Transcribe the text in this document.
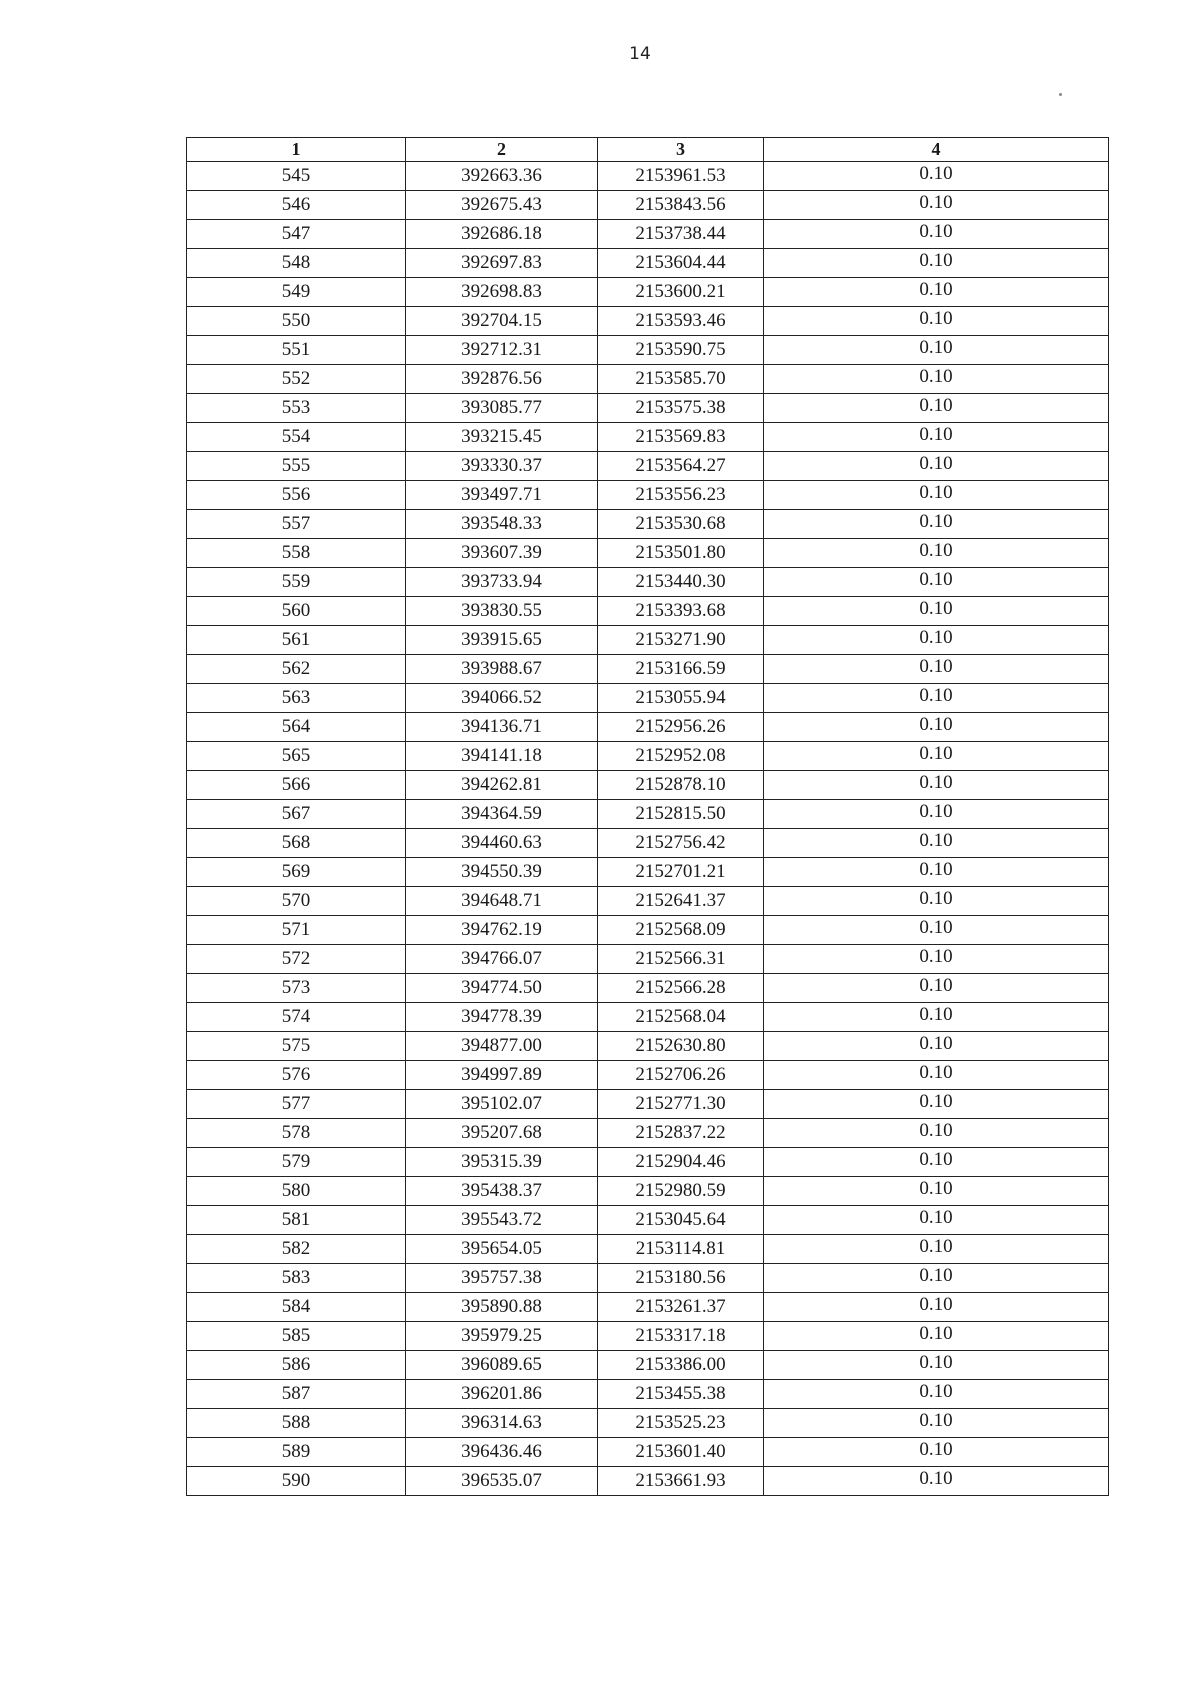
14
1	2	3	4
545	392663.36	2153961.53	0.10
546	392675.43	2153843.56	0.10
547	392686.18	2153738.44	0.10
548	392697.83	2153604.44	0.10
549	392698.83	2153600.21	0.10
550	392704.15	2153593.46	0.10
551	392712.31	2153590.75	0.10
552	392876.56	2153585.70	0.10
553	393085.77	2153575.38	0.10
554	393215.45	2153569.83	0.10
555	393330.37	2153564.27	0.10
556	393497.71	2153556.23	0.10
557	393548.33	2153530.68	0.10
558	393607.39	2153501.80	0.10
559	393733.94	2153440.30	0.10
560	393830.55	2153393.68	0.10
561	393915.65	2153271.90	0.10
562	393988.67	2153166.59	0.10
563	394066.52	2153055.94	0.10
564	394136.71	2152956.26	0.10
565	394141.18	2152952.08	0.10
566	394262.81	2152878.10	0.10
567	394364.59	2152815.50	0.10
568	394460.63	2152756.42	0.10
569	394550.39	2152701.21	0.10
570	394648.71	2152641.37	0.10
571	394762.19	2152568.09	0.10
572	394766.07	2152566.31	0.10
573	394774.50	2152566.28	0.10
574	394778.39	2152568.04	0.10
575	394877.00	2152630.80	0.10
576	394997.89	2152706.26	0.10
577	395102.07	2152771.30	0.10
578	395207.68	2152837.22	0.10
579	395315.39	2152904.46	0.10
580	395438.37	2152980.59	0.10
581	395543.72	2153045.64	0.10
582	395654.05	2153114.81	0.10
583	395757.38	2153180.56	0.10
584	395890.88	2153261.37	0.10
585	395979.25	2153317.18	0.10
586	396089.65	2153386.00	0.10
587	396201.86	2153455.38	0.10
588	396314.63	2153525.23	0.10
589	396436.46	2153601.40	0.10
590	396535.07	2153661.93	0.10
